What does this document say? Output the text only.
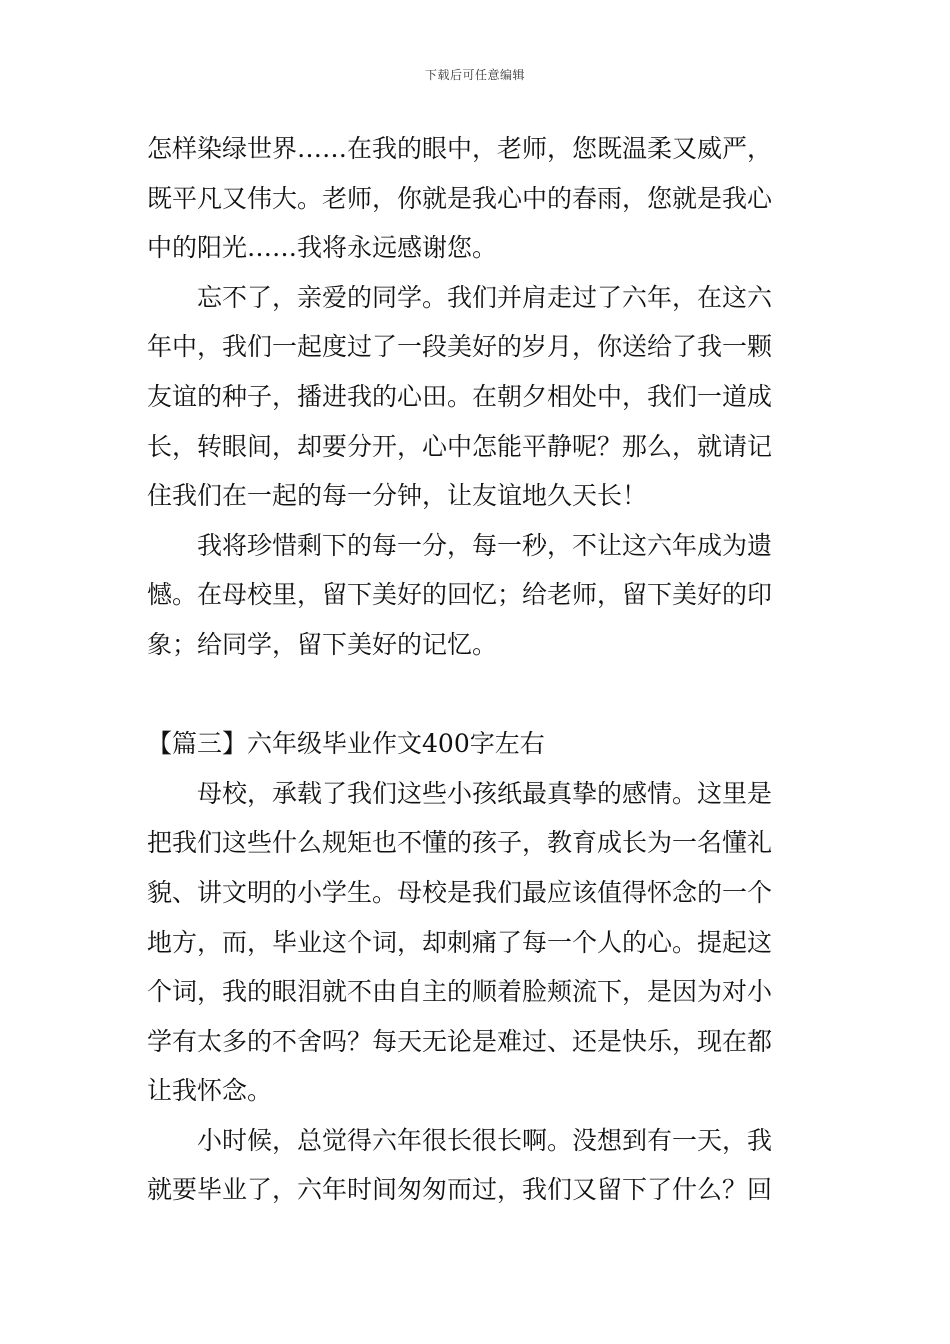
下载后可任意编辑
怎样染绿世界……在我的眼中，老师，您既温柔又威严，
既平凡又伟大。老师，你就是我心中的春雨，您就是我心
中的阳光……我将永远感谢您。
忘不了，亲爱的同学。我们并肩走过了六年，在这六
年中，我们一起度过了一段美好的岁月，你送给了我一颗
友谊的种子，播进我的心田。在朝夕相处中，我们一道成
长，转眼间，却要分开，心中怎能平静呢？那么，就请记
住我们在一起的每一分钟，让友谊地久天长！
我将珍惜剩下的每一分，每一秒，不让这六年成为遗
憾。在母校里，留下美好的回忆；给老师，留下美好的印
象；给同学，留下美好的记忆。
【篇三】六年级毕业作文400字左右
母校，承载了我们这些小孩纸最真挚的感情。这里是
把我们这些什么规矩也不懂的孩子，教育成长为一名懂礼
貌、讲文明的小学生。母校是我们最应该值得怀念的一个
地方，而，毕业这个词，却刺痛了每一个人的心。提起这
个词，我的眼泪就不由自主的顺着脸颊流下，是因为对小
学有太多的不舍吗？每天无论是难过、还是快乐，现在都
让我怀念。
小时候，总觉得六年很长很长啊。没想到有一天，我
就要毕业了，六年时间匆匆而过，我们又留下了什么？回
